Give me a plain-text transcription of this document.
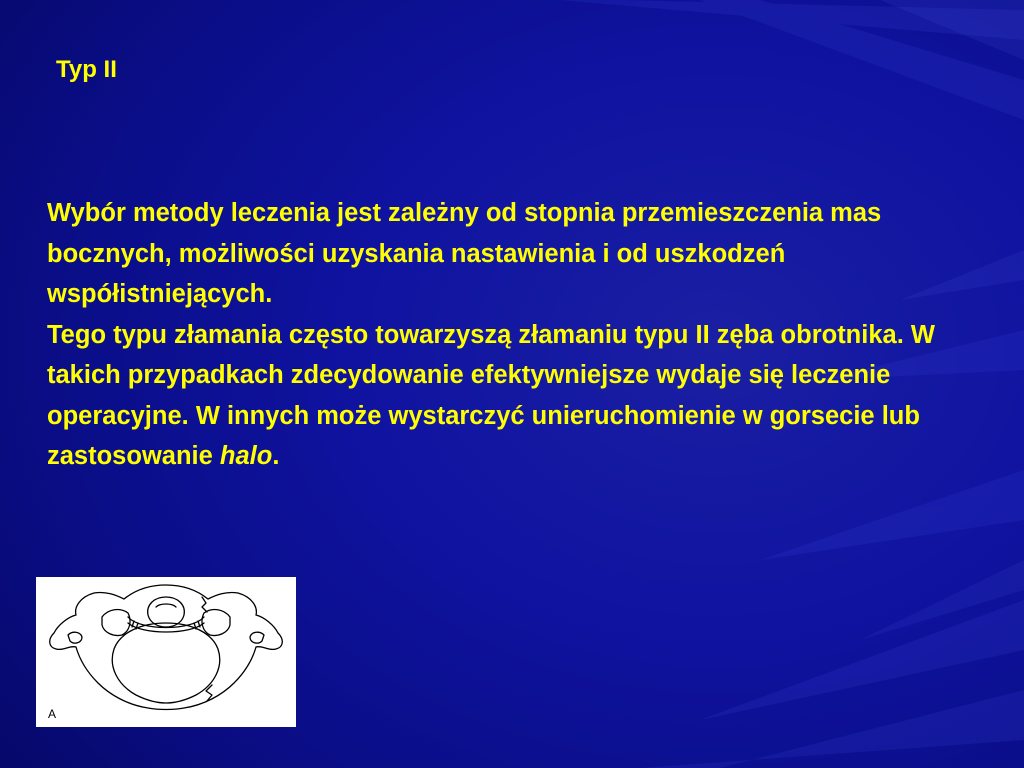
Typ II

Wybór metody leczenia jest zależny od stopnia przemieszczenia mas bocznych, możliwości uzyskania nastawienia i od uszkodzeń współistniejących.

Tego typu złamania często towarzyszą złamaniu typu II zęba obrotnika. W takich przypadkach zdecydowanie efektywniejsze wydaje się leczenie operacyjne. W innych może wystarczyć unieruchomienie w gorsecie lub zastosowanie halo.

A
